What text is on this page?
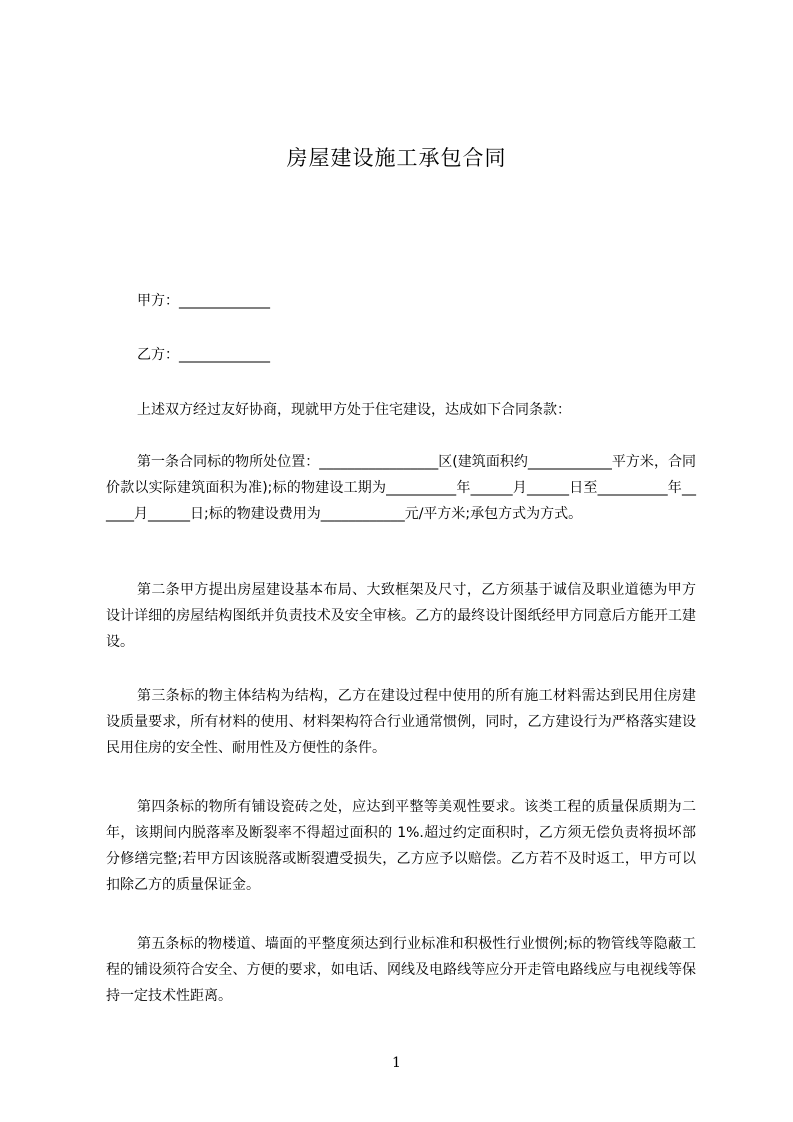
房屋建设施工承包合同
甲方：_____________
乙方：_____________
上述双方经过友好协商，现就甲方处于住宅建设，达成如下合同条款：

第一条合同标的物所处位置：_________________区(建筑面积约____________平方米，合同价款以实际建筑面积为准);标的物建设工期为__________年______月______日至__________年______月______日;标的物建设费用为____________元/平方米;承包方式为方式。

第二条甲方提出房屋建设基本布局、大致框架及尺寸，乙方须基于诚信及职业道德为甲方设计详细的房屋结构图纸并负责技术及安全审核。乙方的最终设计图纸经甲方同意后方能开工建设。

第三条标的物主体结构为结构，乙方在建设过程中使用的所有施工材料需达到民用住房建设质量要求，所有材料的使用、材料架构符合行业通常惯例，同时，乙方建设行为严格落实建设民用住房的安全性、耐用性及方便性的条件。

第四条标的物所有铺设瓷砖之处，应达到平整等美观性要求。该类工程的质量保质期为二年，该期间内脱落率及断裂率不得超过面积的 1%.超过约定面积时，乙方须无偿负责将损坏部分修缮完整;若甲方因该脱落或断裂遭受损失，乙方应予以赔偿。乙方若不及时返工，甲方可以扣除乙方的质量保证金。

第五条标的物楼道、墙面的平整度须达到行业标准和积极性行业惯例;标的物管线等隐蔽工程的铺设须符合安全、方便的要求，如电话、网线及电路线等应分开走管电路线应与电视线等保持一定技术性距离。

1
